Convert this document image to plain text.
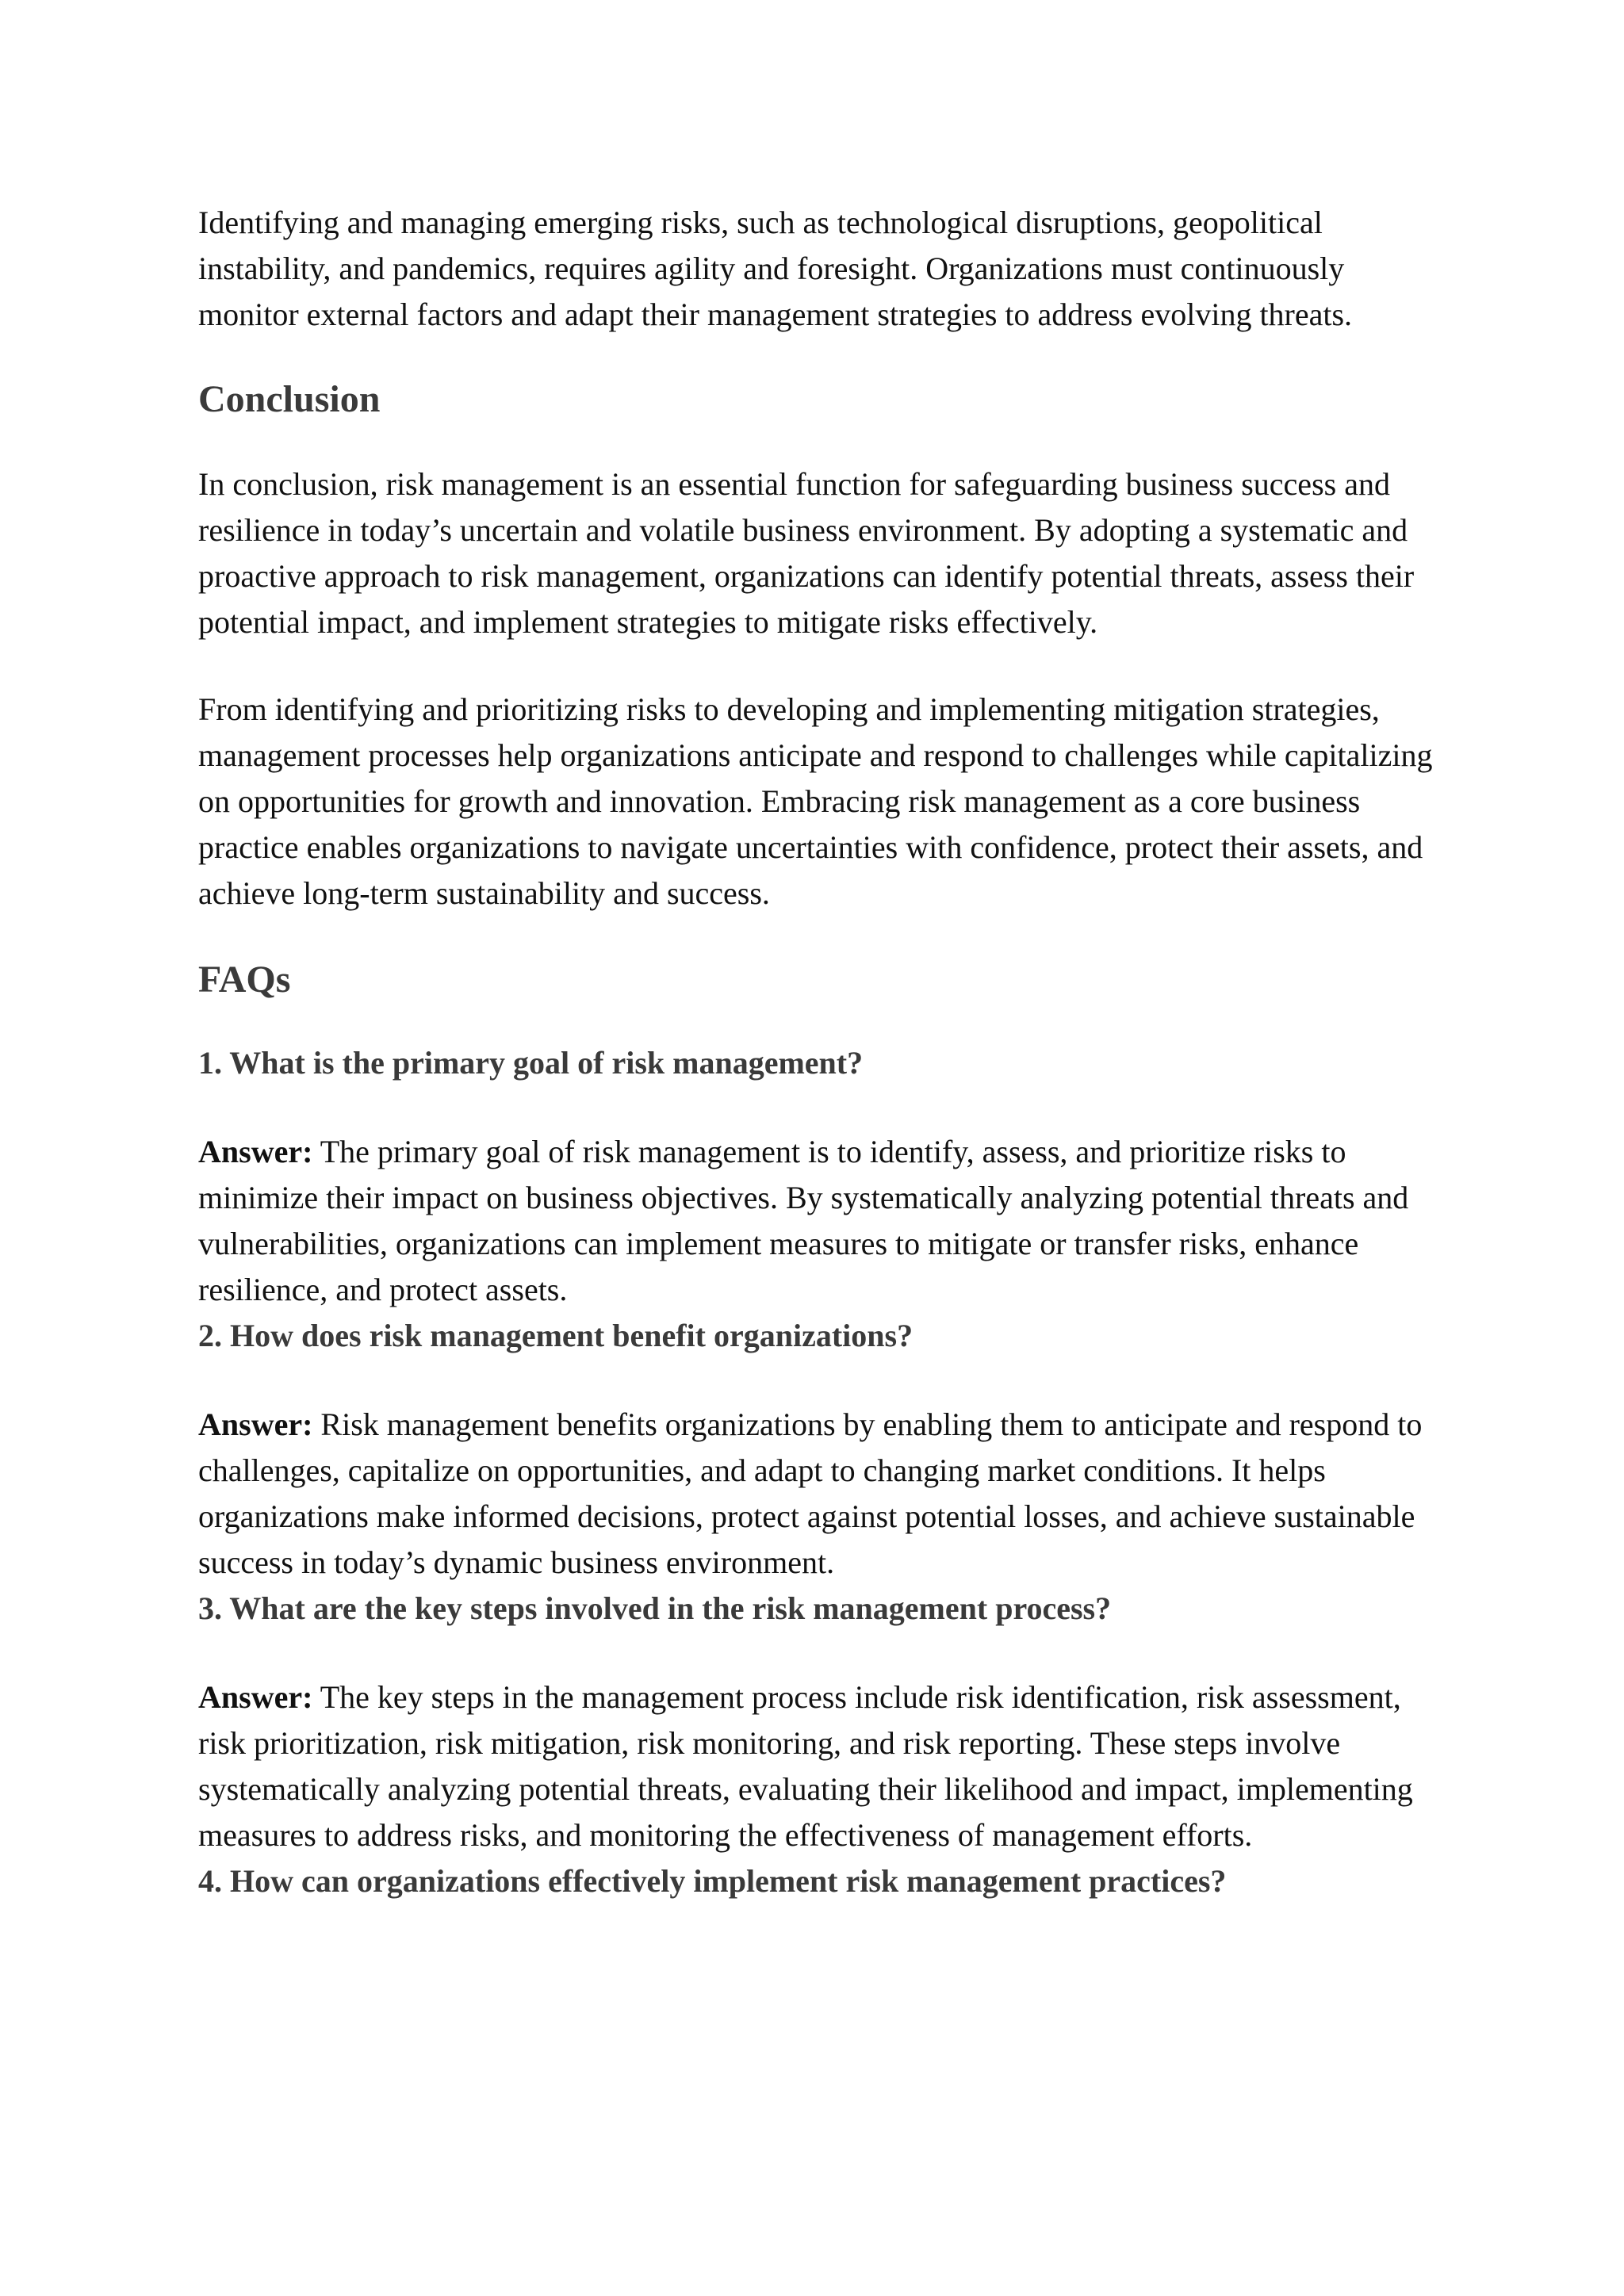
Identifying and managing emerging risks, such as technological disruptions, geopolitical instability, and pandemics, requires agility and foresight. Organizations must continuously monitor external factors and adapt their management strategies to address evolving threats.

Conclusion

In conclusion, risk management is an essential function for safeguarding business success and resilience in today’s uncertain and volatile business environment. By adopting a systematic and proactive approach to risk management, organizations can identify potential threats, assess their potential impact, and implement strategies to mitigate risks effectively.

From identifying and prioritizing risks to developing and implementing mitigation strategies, management processes help organizations anticipate and respond to challenges while capitalizing on opportunities for growth and innovation. Embracing risk management as a core business practice enables organizations to navigate uncertainties with confidence, protect their assets, and achieve long-term sustainability and success.

FAQs
1. What is the primary goal of risk management?

Answer: The primary goal of risk management is to identify, assess, and prioritize risks to minimize their impact on business objectives. By systematically analyzing potential threats and vulnerabilities, organizations can implement measures to mitigate or transfer risks, enhance resilience, and protect assets.

2. How does risk management benefit organizations?

Answer: Risk management benefits organizations by enabling them to anticipate and respond to challenges, capitalize on opportunities, and adapt to changing market conditions. It helps organizations make informed decisions, protect against potential losses, and achieve sustainable success in today’s dynamic business environment.

3. What are the key steps involved in the risk management process?

Answer: The key steps in the management process include risk identification, risk assessment, risk prioritization, risk mitigation, risk monitoring, and risk reporting. These steps involve systematically analyzing potential threats, evaluating their likelihood and impact, implementing measures to address risks, and monitoring the effectiveness of management efforts.

4. How can organizations effectively implement risk management practices?
